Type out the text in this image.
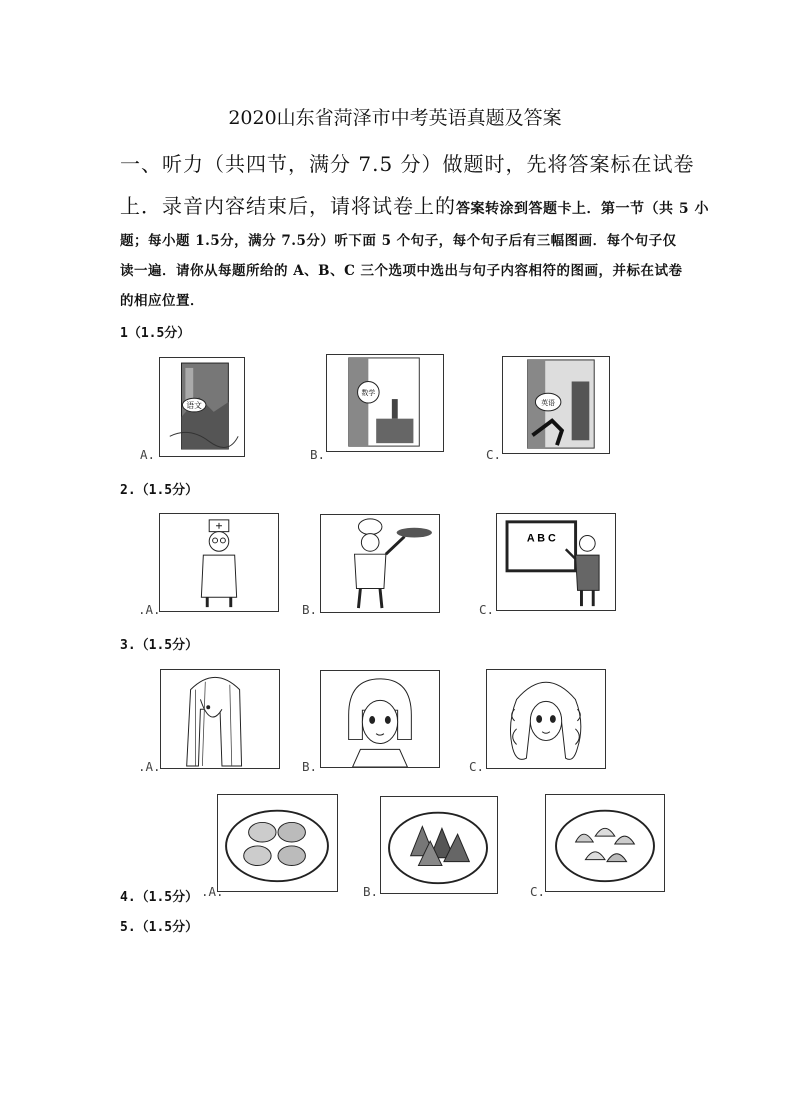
2020山东省菏泽市中考英语真题及答案
一、听力（共四节，满分 7.5 分）做题时，先将答案标在试卷
上．录音内容结束后，请将试卷上的答案转涂到答题卡上．第一节（共 5 小
题；每小题 1.5分，满分 7.5分）听下面 5 个句子，每个句子后有三幅图画．每个句子仅
读一遍．请你从每题所给的 A、B、C 三个选项中选出与句子内容相符的图画，并标在试卷
的相应位置．
1（1.5分）
语文
A.
数学
B.
英语
C.
2.（1.5分）
.A.	B.
A B C
C.
3.（1.5分）
.A.	B.	C.
.A.	B.	C.
4.（1.5分）
5.（1.5分）
